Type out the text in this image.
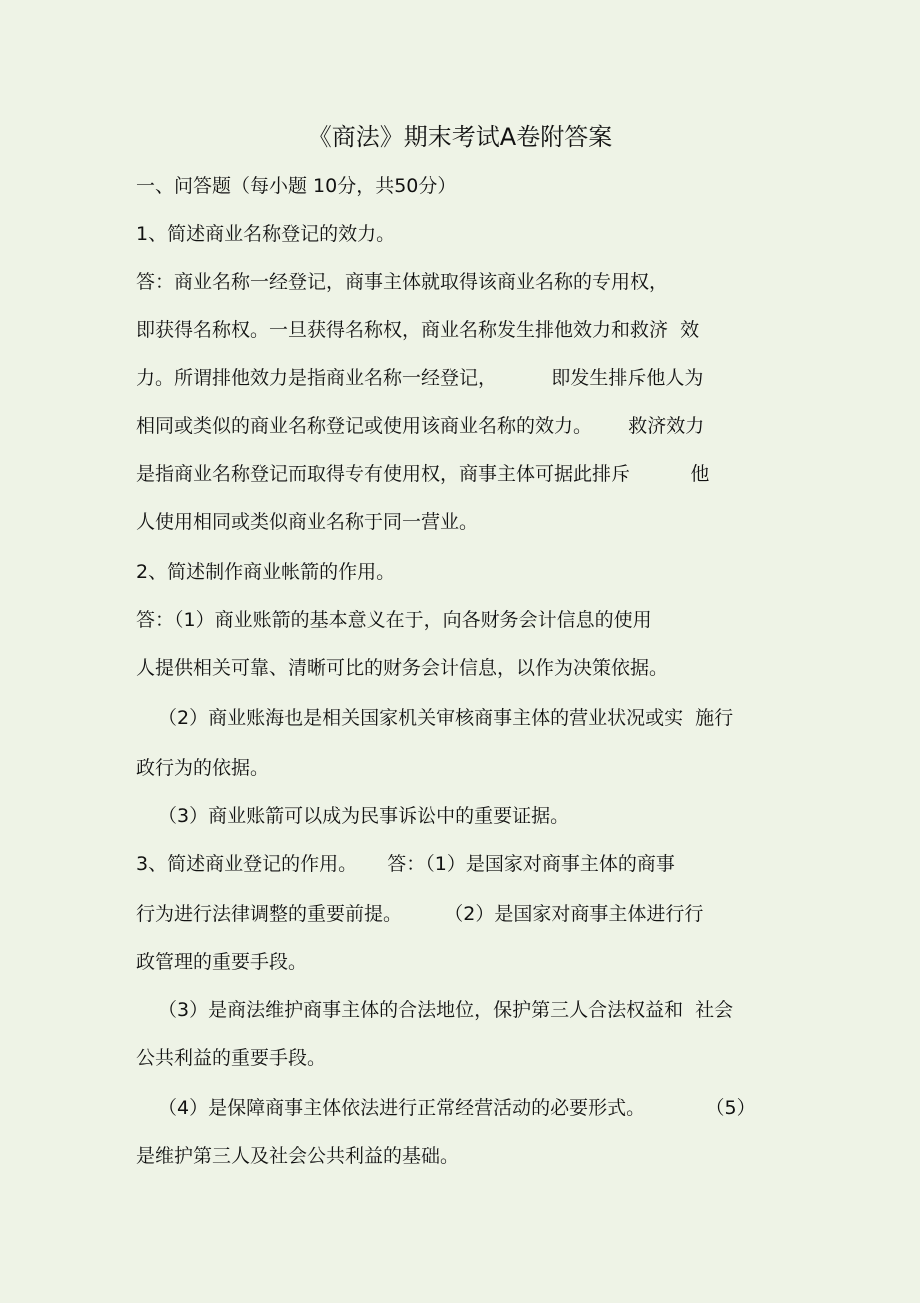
《商法》期末考试A卷附答案
一、问答题（每小题 10分，共50分）
1、简述商业名称登记的效力。
答：商业名称一经登记，商事主体就取得该商业名称的专用权，
即获得名称权。一旦获得名称权，商业名称发生排他效力和救济  效
力。所谓排他效力是指商业名称一经登记，         即发生排斥他人为
相同或类似的商业名称登记或使用该商业名称的效力。      救济效力
是指商业名称登记而取得专有使用权，商事主体可据此排斥          他
人使用相同或类似商业名称于同一营业。
2、简述制作商业帐箭的作用。
答：（1）商业账箭的基本意义在于，向各财务会计信息的使用
人提供相关可靠、清晰可比的财务会计信息，以作为决策依据。
（2）商业账海也是相关国家机关审核商事主体的营业状况或实  施行
政行为的依据。
（3）商业账箭可以成为民事诉讼中的重要证据。
3、简述商业登记的作用。     答：（1）是国家对商事主体的商事
行为进行法律调整的重要前提。       （2）是国家对商事主体进行行
政管理的重要手段。
（3）是商法维护商事主体的合法地位，保护第三人合法权益和  社会
公共利益的重要手段。
（4）是保障商事主体依法进行正常经营活动的必要形式。          （5）
是维护第三人及社会公共利益的基础。
